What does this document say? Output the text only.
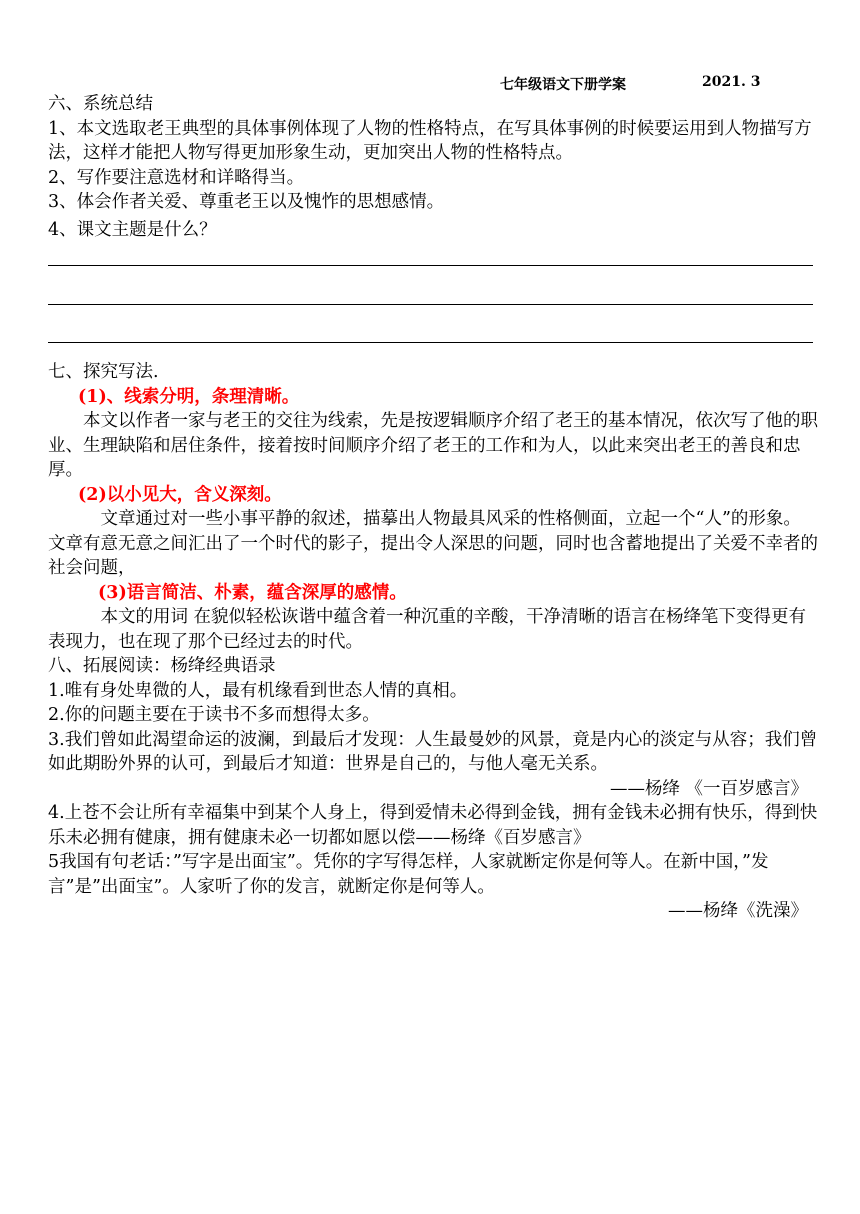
七年级语文下册学案	2021. 3

六、系统总结

1、本文选取老王典型的具体事例体现了人物的性格特点，在写具体事例的时候要运用到人物描写方法，这样才能把人物写得更加形象生动，更加突出人物的性格特点。

2、写作要注意选材和详略得当。

3、体会作者关爱、尊重老王以及愧怍的思想感情。

4、课文主题是什么？

七、探究写法.

(1)、线索分明，条理清晰。

本文以作者一家与老王的交往为线索，先是按逻辑顺序介绍了老王的基本情况，依次写了他的职业、生理缺陷和居住条件，接着按时间顺序介绍了老王的工作和为人，以此来突出老王的善良和忠厚。

(2)以小见大，含义深刻。

文章通过对一些小事平静的叙述，描摹出人物最具风采的性格侧面，立起一个“人”的形象。文章有意无意之间汇出了一个时代的影子，提出令人深思的问题，同时也含蓄地提出了关爱不幸者的社会问题，

(3)语言简洁、朴素，蕴含深厚的感情。

本文的用词 在貌似轻松诙谐中蕴含着一种沉重的辛酸，干净清晰的语言在杨绛笔下变得更有表现力，也在现了那个已经过去的时代。

八、拓展阅读：杨绛经典语录

1.唯有身处卑微的人，最有机缘看到世态人情的真相。

2.你的问题主要在于读书不多而想得太多。

3.我们曾如此渴望命运的波澜，到最后才发现：人生最曼妙的风景，竟是内心的淡定与从容；我们曾如此期盼外界的认可，到最后才知道：世界是自己的，与他人毫无关系。

——杨绛 《一百岁感言》

4.上苍不会让所有幸福集中到某个人身上，得到爱情未必得到金钱，拥有金钱未必拥有快乐，得到快乐未必拥有健康，拥有健康未必一切都如愿以偿——杨绛《百岁感言》

5我国有句老话：”写字是出面宝”。凭你的字写得怎样，人家就断定你是何等人。在新中国，”发言”是”出面宝”。人家听了你的发言，就断定你是何等人。

——杨绛《洗澡》
